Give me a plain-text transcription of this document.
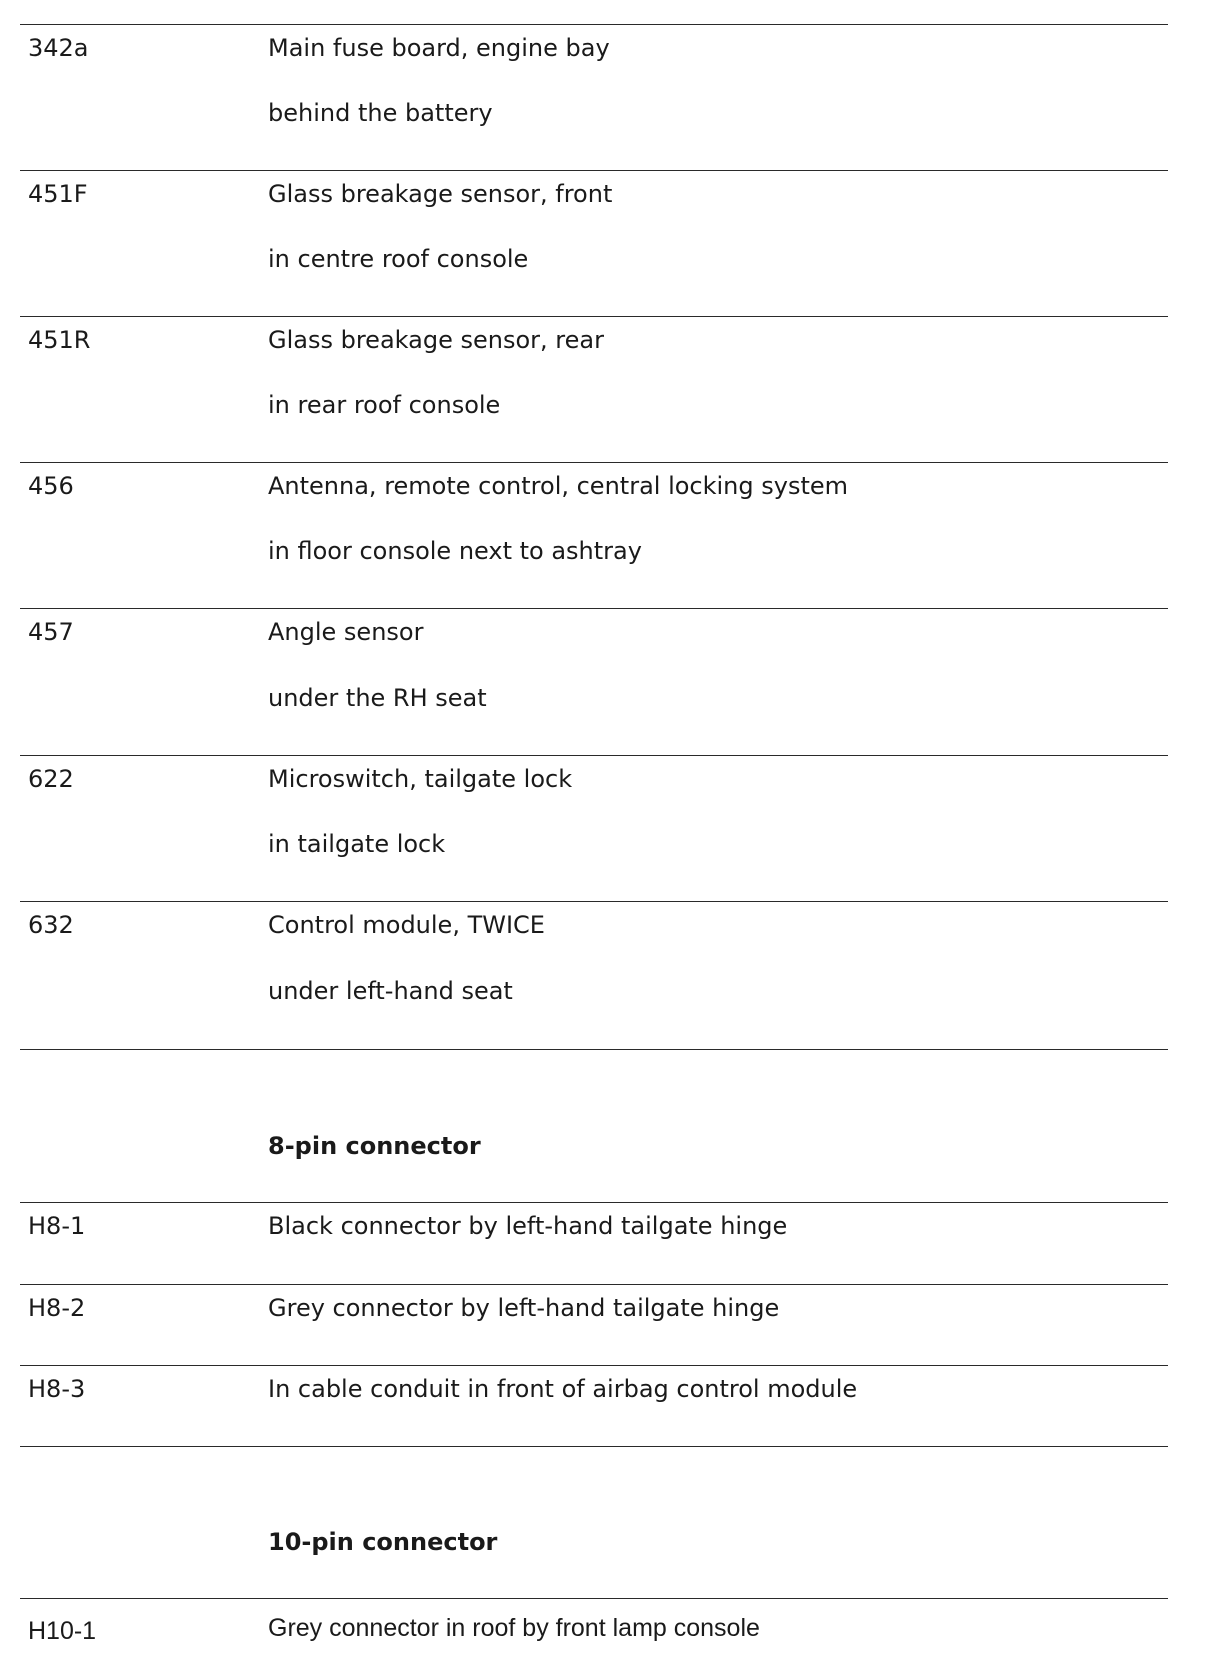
342a	Main fuse board, engine bay
behind the battery
451F	Glass breakage sensor, front
in centre roof console
451R	Glass breakage sensor, rear
in rear roof console
456	Antenna, remote control, central locking system
in floor console next to ashtray
457	Angle sensor
under the RH seat
622	Microswitch, tailgate lock
in tailgate lock
632	Control module, TWICE
under left-hand seat
8-pin connector
H8-1	Black connector by left-hand tailgate hinge
H8-2	Grey connector by left-hand tailgate hinge
H8-3	In cable conduit in front of airbag control module
10-pin connector
H10-1	Grey connector in roof by front lamp console
